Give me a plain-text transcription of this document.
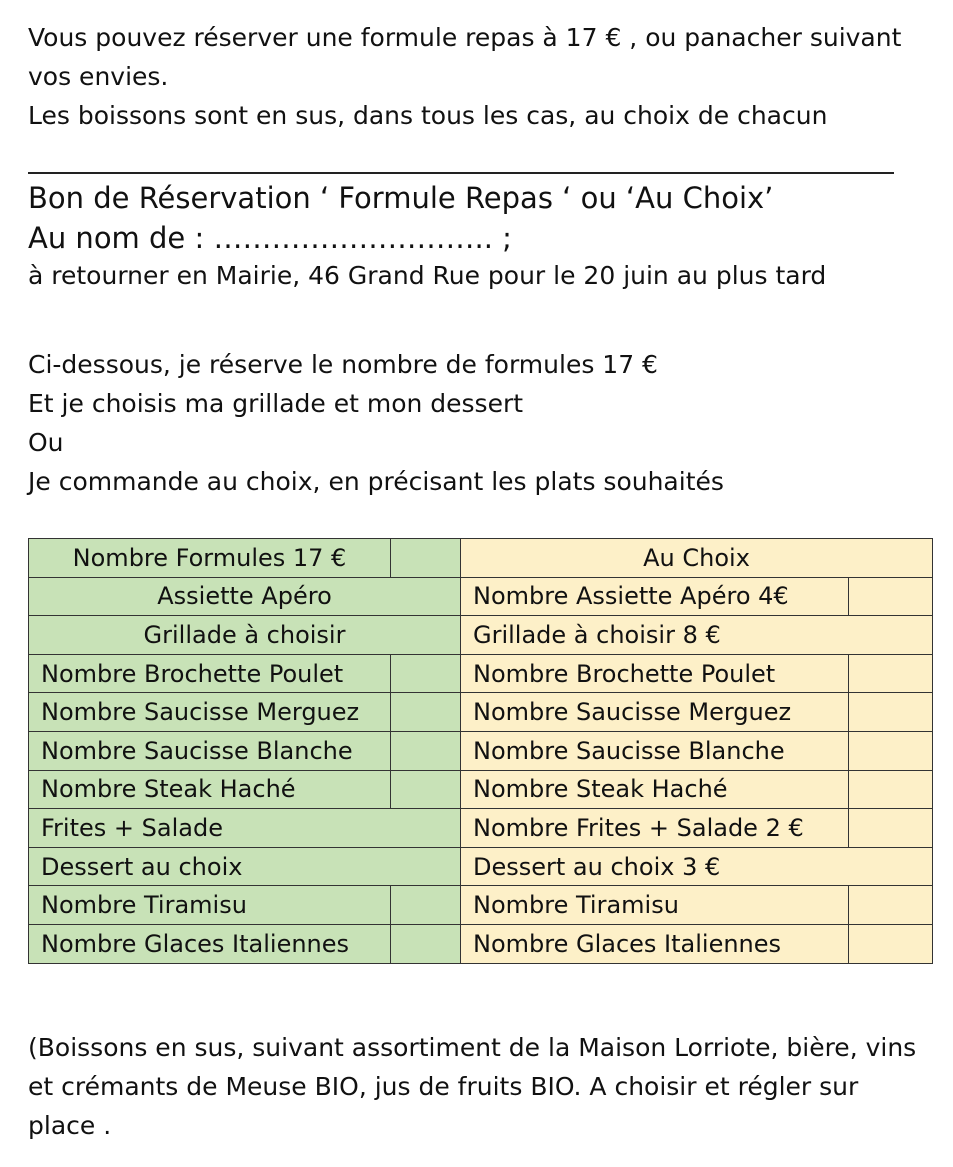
Vous pouvez réserver une formule repas à 17 € , ou panacher suivant

vos envies.

Les boissons sont en sus, dans tous les cas, au choix de chacun

Bon de Réservation ‘ Formule Repas ‘ ou ‘Au Choix’
Au nom de : ……………………….. ;
à retourner en Mairie, 46 Grand Rue pour le 20 juin au plus tard

Ci-dessous, je réserve le nombre de formules 17 €

Et je choisis ma grillade et mon dessert

Ou

Je commande au choix, en précisant les plats souhaités

Nombre Formules 17 €		Au Choix	
Assiette Apéro		Nombre Assiette Apéro 4€	
Grillade à choisir		Grillade à choisir 8 €	
Nombre Brochette Poulet		Nombre Brochette Poulet	
Nombre Saucisse Merguez		Nombre Saucisse Merguez	
Nombre Saucisse Blanche		Nombre Saucisse Blanche	
Nombre Steak Haché		Nombre Steak Haché	
Frites + Salade		Nombre Frites + Salade 2 €	
Dessert au choix		Dessert au choix 3 €	
Nombre Tiramisu		Nombre Tiramisu	
Nombre Glaces Italiennes		Nombre Glaces Italiennes	

(Boissons en sus, suivant assortiment de la Maison Lorriote, bière, vins

et crémants de Meuse BIO, jus de fruits BIO. A choisir et régler sur

place .
